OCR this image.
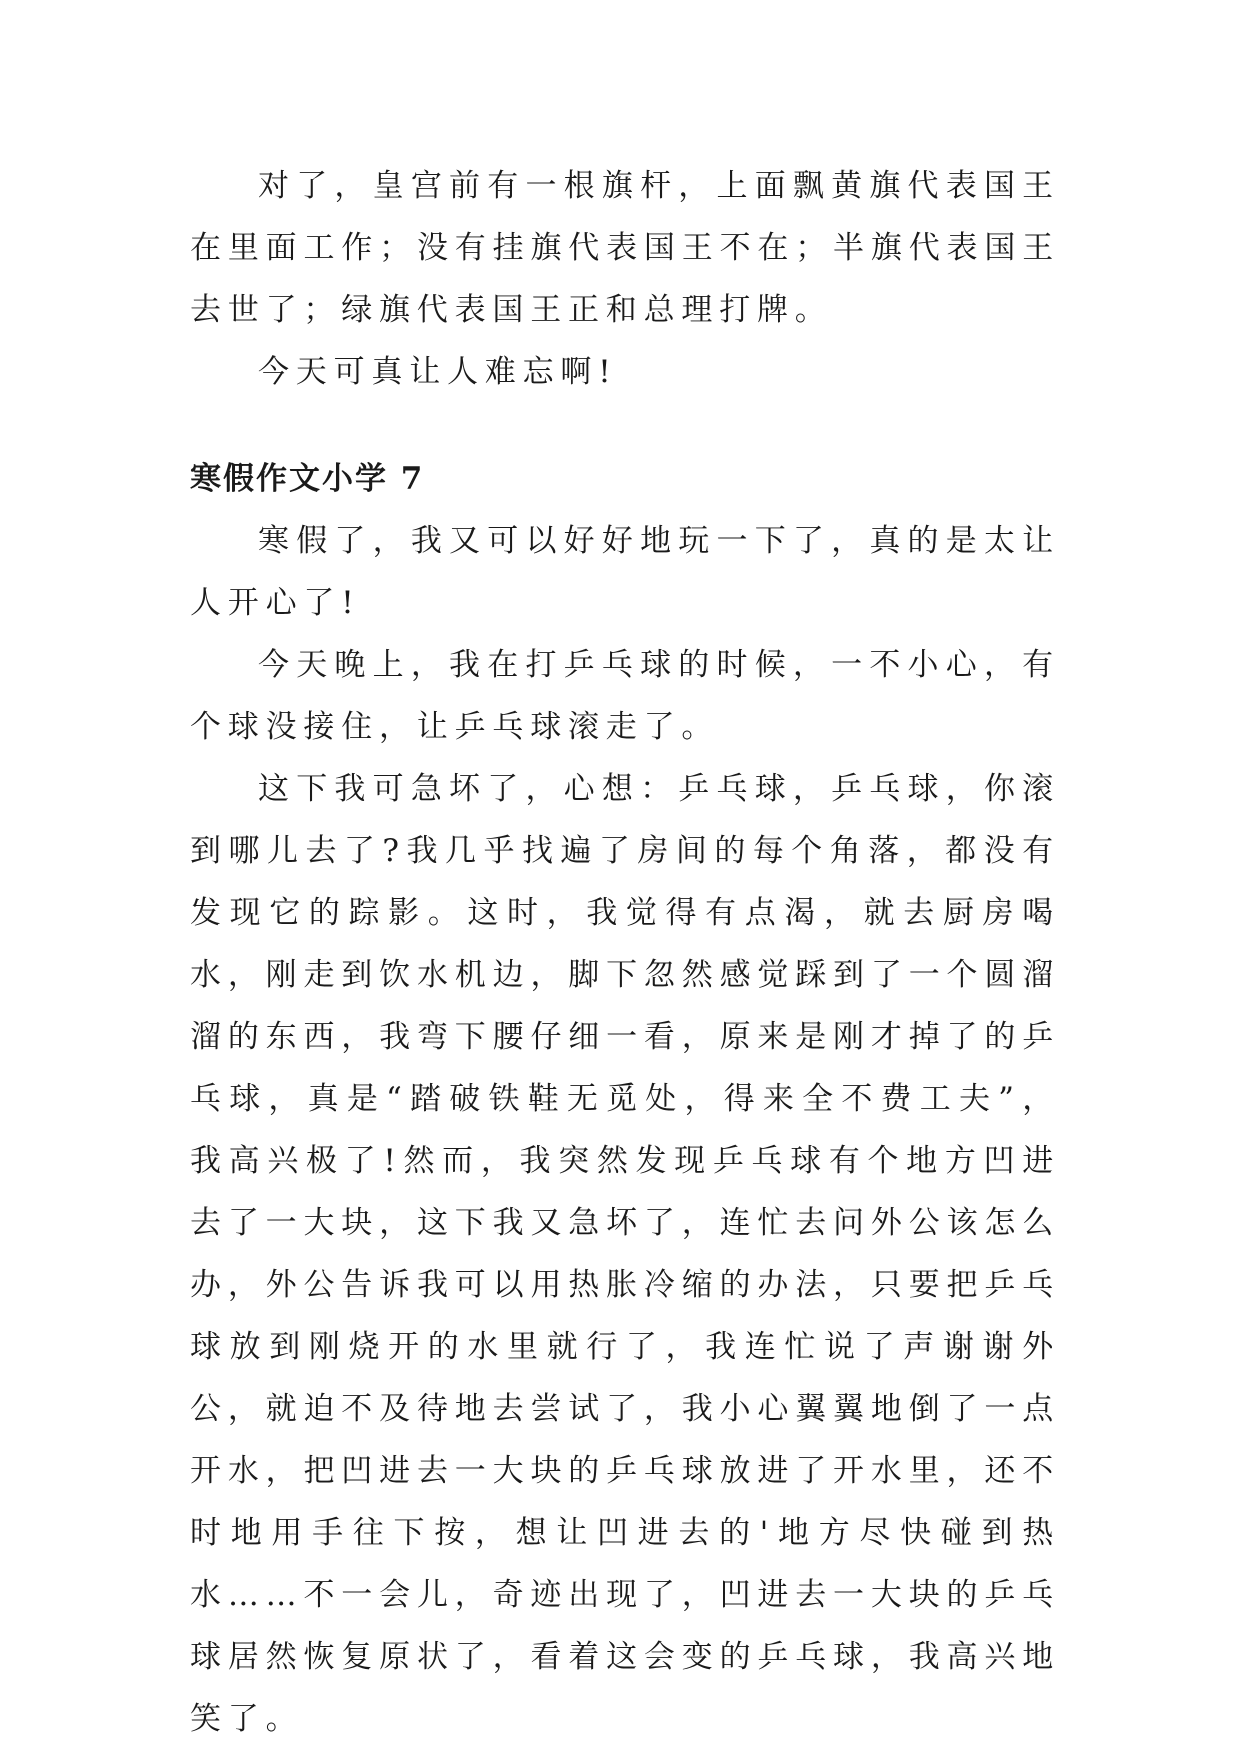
对了，皇宫前有一根旗杆，上面飘黄旗代表国王在里面工作；没有挂旗代表国王不在；半旗代表国王去世了；绿旗代表国王正和总理打牌。

今天可真让人难忘啊!

寒假作文小学 7

寒假了，我又可以好好地玩一下了，真的是太让人开心了!

今天晚上，我在打乒乓球的时候，一不小心，有个球没接住，让乒乓球滚走了。

这下我可急坏了，心想：乒乓球，乒乓球，你滚到哪儿去了?我几乎找遍了房间的每个角落，都没有发现它的踪影。这时，我觉得有点渴，就去厨房喝水，刚走到饮水机边，脚下忽然感觉踩到了一个圆溜溜的东西，我弯下腰仔细一看，原来是刚才掉了的乒乓球，真是“踏破铁鞋无觅处，得来全不费工夫”，我高兴极了!然而，我突然发现乒乓球有个地方凹进去了一大块，这下我又急坏了，连忙去问外公该怎么办，外公告诉我可以用热胀冷缩的办法，只要把乒乓球放到刚烧开的水里就行了，我连忙说了声谢谢外公，就迫不及待地去尝试了，我小心翼翼地倒了一点开水，把凹进去一大块的乒乓球放进了开水里，还不时地用手往下按，想让凹进去的'地方尽快碰到热水……不一会儿，奇迹出现了，凹进去一大块的乒乓球居然恢复原状了，看着这会变的乒乓球，我高兴地笑了。
